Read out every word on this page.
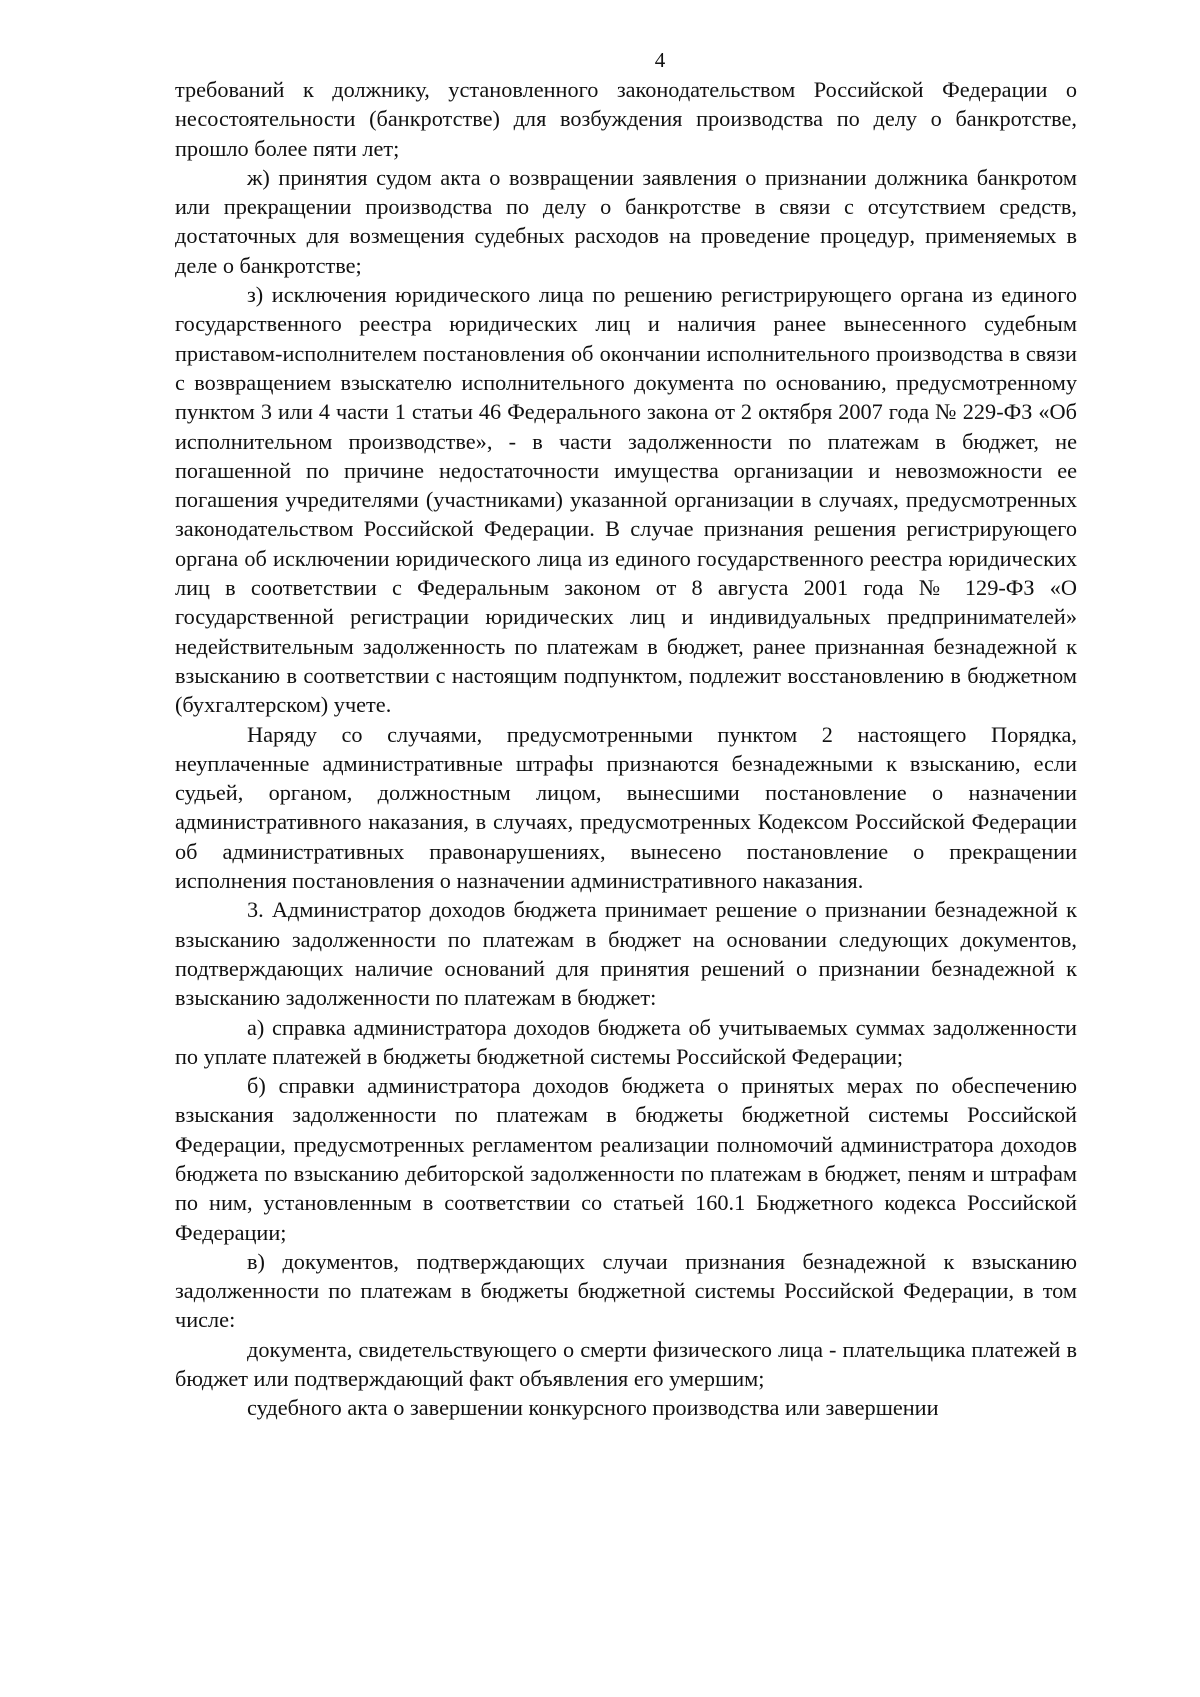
4

требований к должнику, установленного законодательством Российской Федерации о несостоятельности (банкротстве) для возбуждения производства по делу о банкротстве, прошло более пяти лет;

ж) принятия судом акта о возвращении заявления о признании должника банкротом или прекращении производства по делу о банкротстве в связи с отсутствием средств, достаточных для возмещения судебных расходов на проведение процедур, применяемых в деле о банкротстве;

з) исключения юридического лица по решению регистрирующего органа из единого государственного реестра юридических лиц и наличия ранее вынесенного судебным приставом-исполнителем постановления об окончании исполнительного производства в связи с возвращением взыскателю исполнительного документа по основанию, предусмотренному пунктом 3 или 4 части 1 статьи 46 Федерального закона от 2 октября 2007 года № 229-ФЗ «Об исполнительном производстве», - в части задолженности по платежам в бюджет, не погашенной по причине недостаточности имущества организации и невозможности ее погашения учредителями (участниками) указанной организации в случаях, предусмотренных законодательством Российской Федерации. В случае признания решения регистрирующего органа об исключении юридического лица из единого государственного реестра юридических лиц в соответствии с Федеральным законом от 8 августа 2001 года № 129-ФЗ «О государственной регистрации юридических лиц и индивидуальных предпринимателей» недействительным задолженность по платежам в бюджет, ранее признанная безнадежной к взысканию в соответствии с настоящим подпунктом, подлежит восстановлению в бюджетном (бухгалтерском) учете.

Наряду со случаями, предусмотренными пунктом 2 настоящего Порядка, неуплаченные административные штрафы признаются безнадежными к взысканию, если судьей, органом, должностным лицом, вынесшими постановление о назначении административного наказания, в случаях, предусмотренных Кодексом Российской Федерации об административных правонарушениях, вынесено постановление о прекращении исполнения постановления о назначении административного наказания.

3. Администратор доходов бюджета принимает решение о признании безнадежной к взысканию задолженности по платежам в бюджет на основании следующих документов, подтверждающих наличие оснований для принятия решений о признании безнадежной к взысканию задолженности по платежам в бюджет:

а) справка администратора доходов бюджета об учитываемых суммах задолженности по уплате платежей в бюджеты бюджетной системы Российской Федерации;

б) справки администратора доходов бюджета о принятых мерах по обеспечению взыскания задолженности по платежам в бюджеты бюджетной системы Российской Федерации, предусмотренных регламентом реализации полномочий администратора доходов бюджета по взысканию дебиторской задолженности по платежам в бюджет, пеням и штрафам по ним, установленным в соответствии со статьей 160.1 Бюджетного кодекса Российской Федерации;

в) документов, подтверждающих случаи признания безнадежной к взысканию задолженности по платежам в бюджеты бюджетной системы Российской Федерации, в том числе:

документа, свидетельствующего о смерти физического лица - плательщика платежей в бюджет или подтверждающий факт объявления его умершим;

судебного акта о завершении конкурсного производства или завершении
